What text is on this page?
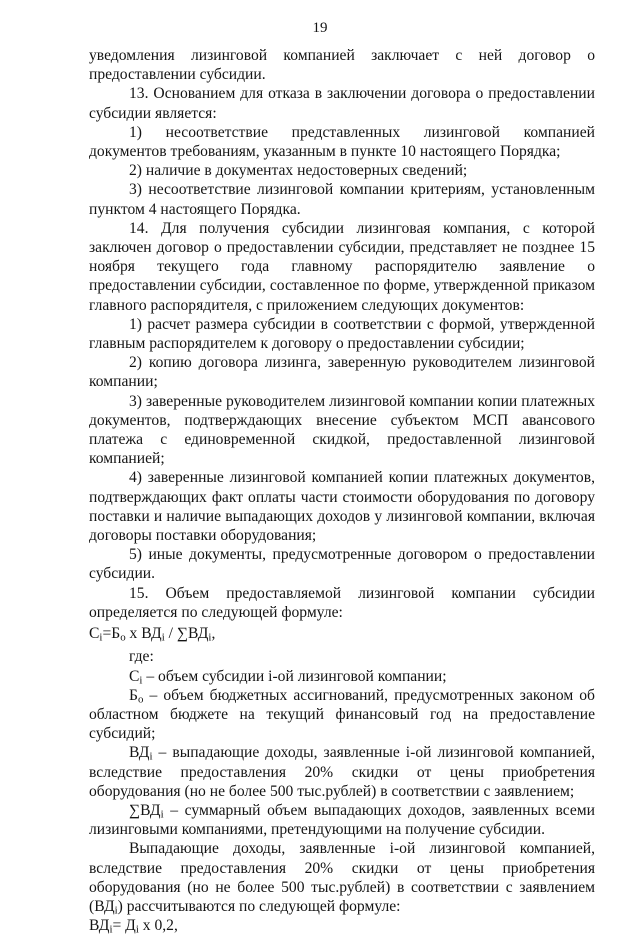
19

уведомления лизинговой компанией заключает с ней договор о предоставлении субсидии.

13. Основанием для отказа в заключении договора о предоставлении субсидии является:

1) несоответствие представленных лизинговой компанией документов требованиям, указанным в пункте 10 настоящего Порядка;

2) наличие в документах недостоверных сведений;

3) несоответствие лизинговой компании критериям, установленным пунктом 4 настоящего Порядка.

14. Для получения субсидии лизинговая компания, с которой заключен договор о предоставлении субсидии, представляет не позднее 15 ноября текущего года главному распорядителю заявление о предоставлении субсидии, составленное по форме, утвержденной приказом главного распорядителя, с приложением следующих документов:

1) расчет размера субсидии в соответствии с формой, утвержденной главным распорядителем к договору о предоставлении субсидии;

2) копию договора лизинга, заверенную руководителем лизинговой компании;

3) заверенные руководителем лизинговой компании копии платежных документов, подтверждающих внесение субъектом МСП авансового платежа с единовременной скидкой, предоставленной лизинговой компанией;

4) заверенные лизинговой компанией копии платежных документов, подтверждающих факт оплаты части стоимости оборудования по договору поставки и наличие выпадающих доходов у лизинговой компании, включая договоры поставки оборудования;

5) иные документы, предусмотренные договором о предоставлении субсидии.

15. Объем предоставляемой лизинговой компании субсидии определяется по следующей формуле:

$С_i=Б_о$ х $ВД_i / \sum ВД_i$,

где:

$С_i$ – объем субсидии i-ой лизинговой компании;

$Б_о$ – объем бюджетных ассигнований, предусмотренных законом об областном бюджете на текущий финансовый год на предоставление субсидий;

$ВД_i$ – выпадающие доходы, заявленные i-ой лизинговой компанией, вследствие предоставления 20% скидки от цены приобретения оборудования (но не более 500 тыс.рублей) в соответствии с заявлением;

$\sum ВД_i$ – суммарный объем выпадающих доходов, заявленных всеми лизинговыми компаниями, претендующими на получение субсидии.

Выпадающие доходы, заявленные i-ой лизинговой компанией, вследствие предоставления 20% скидки от цены приобретения оборудования (но не более 500 тыс.рублей) в соответствии с заявлением $(ВД_i)$ рассчитываются по следующей формуле:

$ВД_i= Д_i$ х 0,2,
